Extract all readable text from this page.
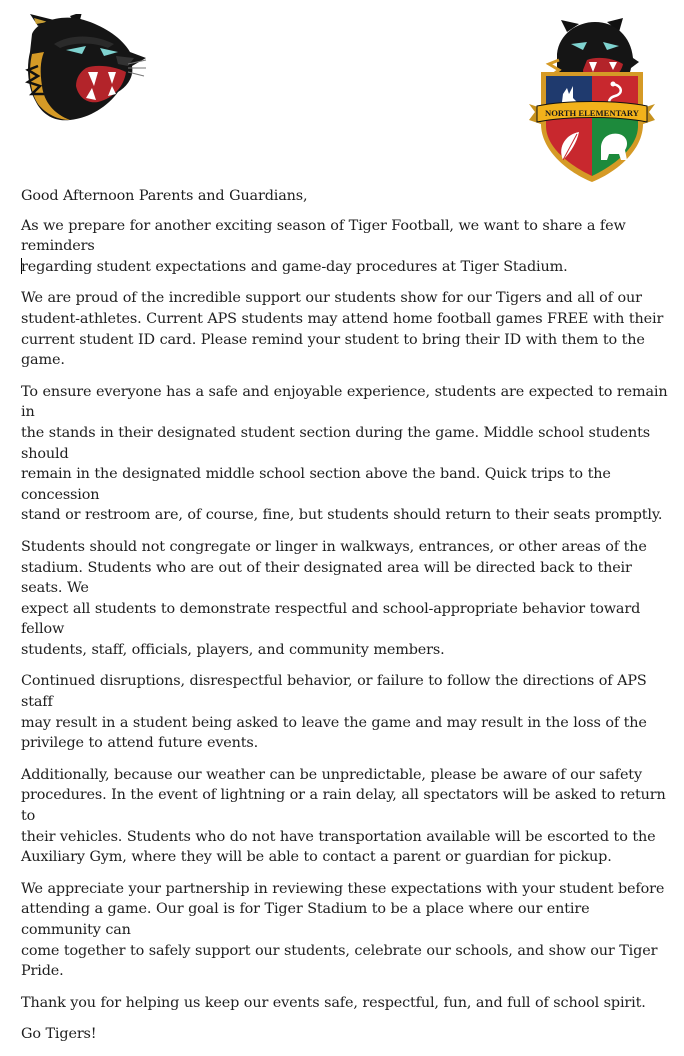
NORTH ELEMENTARY

Good Afternoon Parents and Guardians,

As we prepare for another exciting season of Tiger Football, we want to share a few reminders
regarding student expectations and game-day procedures at Tiger Stadium.

We are proud of the incredible support our students show for our Tigers and all of our
student-athletes. Current APS students may attend home football games FREE with their
current student ID card. Please remind your student to bring their ID with them to the game.

To ensure everyone has a safe and enjoyable experience, students are expected to remain in
the stands in their designated student section during the game. Middle school students should
remain in the designated middle school section above the band. Quick trips to the concession
stand or restroom are, of course, fine, but students should return to their seats promptly.

Students should not congregate or linger in walkways, entrances, or other areas of the
stadium. Students who are out of their designated area will be directed back to their seats. We
expect all students to demonstrate respectful and school-appropriate behavior toward fellow
students, staff, officials, players, and community members.

Continued disruptions, disrespectful behavior, or failure to follow the directions of APS staff
may result in a student being asked to leave the game and may result in the loss of the
privilege to attend future events.

Additionally, because our weather can be unpredictable, please be aware of our safety
procedures. In the event of lightning or a rain delay, all spectators will be asked to return to
their vehicles. Students who do not have transportation available will be escorted to the
Auxiliary Gym, where they will be able to contact a parent or guardian for pickup.

We appreciate your partnership in reviewing these expectations with your student before
attending a game. Our goal is for Tiger Stadium to be a place where our entire community can
come together to safely support our students, celebrate our schools, and show our Tiger Pride.

Thank you for helping us keep our events safe, respectful, fun, and full of school spirit.

Go Tigers!
